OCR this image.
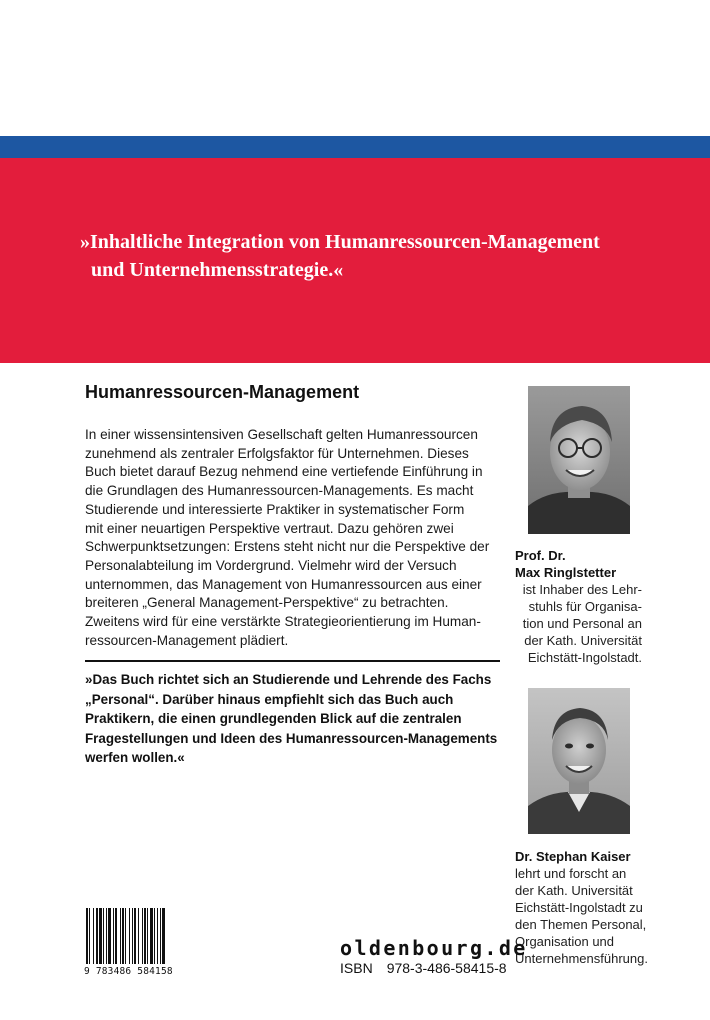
»Inhaltliche Integration von Humanressourcen-Management
und Unternehmensstrategie.«

Humanressourcen-Management

In einer wissensintensiven Gesellschaft gelten Humanressourcen
zunehmend als zentraler Erfolgsfaktor für Unternehmen. Dieses
Buch bietet darauf Bezug nehmend eine vertiefende Einführung in
die Grundlagen des Humanressourcen-Managements. Es macht
Studierende und interessierte Praktiker in systematischer Form
mit einer neuartigen Perspektive vertraut. Dazu gehören zwei
Schwerpunktsetzungen: Erstens steht nicht nur die Perspektive der
Personalabteilung im Vordergrund. Vielmehr wird der Versuch
unternommen, das Management von Humanressourcen aus einer
breiteren „General Management-Perspektive“ zu betrachten.
Zweitens wird für eine verstärkte Strategieorientierung im Human-
ressourcen-Management plädiert.

»Das Buch richtet sich an Studierende und Lehrende des Fachs
„Personal“. Darüber hinaus empfiehlt sich das Buch auch
Praktikern, die einen grundlegenden Blick auf die zentralen
Fragestellungen und Ideen des Humanressourcen-Managements
werfen wollen.«

Prof. Dr.
Max Ringlstetter
ist Inhaber des Lehr-
stuhls für Organisa-
tion und Personal an
der Kath. Universität
Eichstätt-Ingolstadt.
Dr. Stephan Kaiser
lehrt und forscht an
der Kath. Universität
Eichstätt-Ingolstadt zu
den Themen Personal,
Organisation und
Unternehmensführung.
9 783486 584158

oldenbourg.de

ISBN 978-3-486-58415-8
